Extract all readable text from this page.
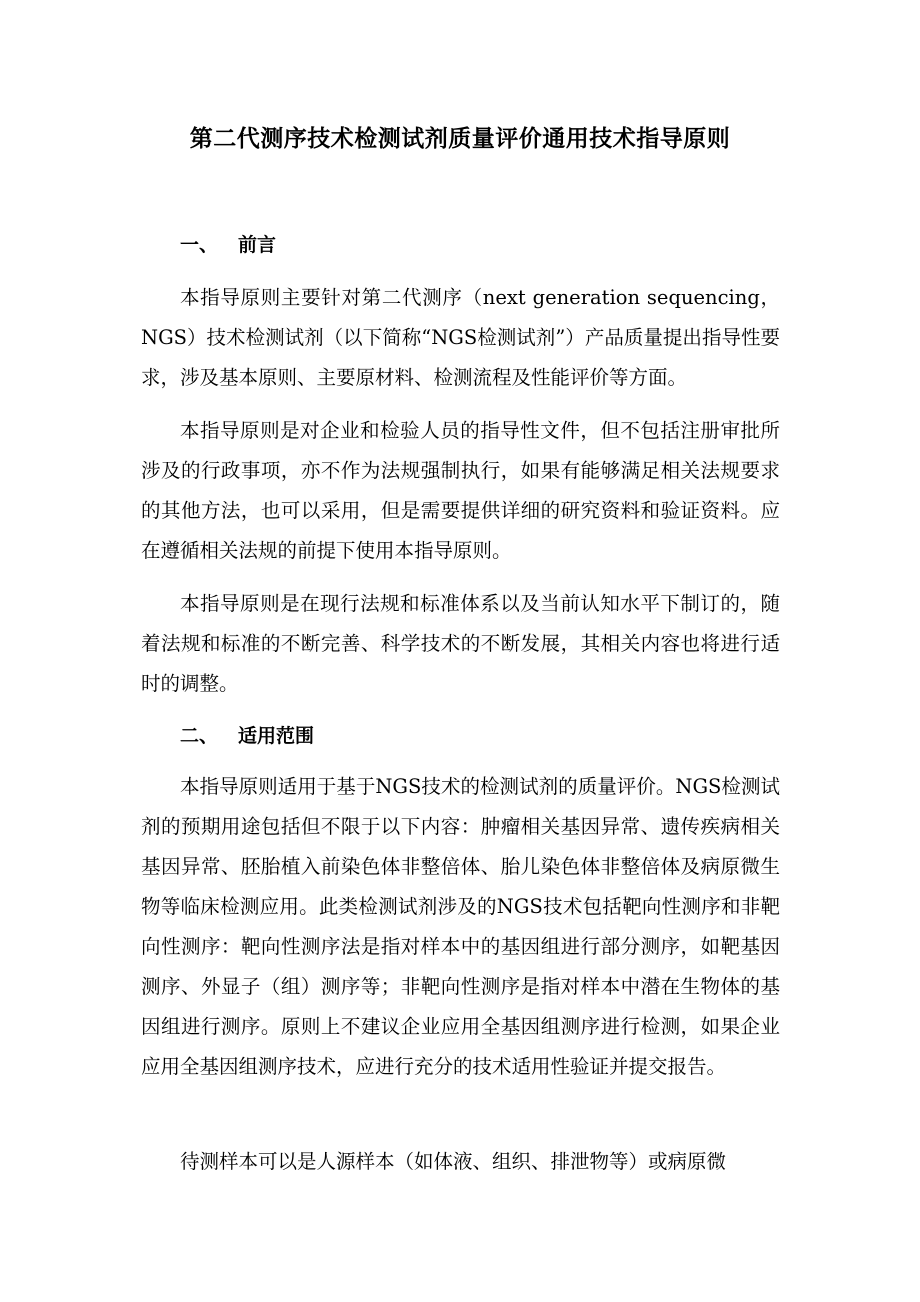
第二代测序技术检测试剂质量评价通用技术指导原则
一、 前言
本指导原则主要针对第二代测序（next generation sequencing，NGS）技术检测试剂（以下简称“NGS检测试剂”）产品质量提出指导性要求，涉及基本原则、主要原材料、检测流程及性能评价等方面。
本指导原则是对企业和检验人员的指导性文件，但不包括注册审批所涉及的行政事项，亦不作为法规强制执行，如果有能够满足相关法规要求的其他方法，也可以采用，但是需要提供详细的研究资料和验证资料。应在遵循相关法规的前提下使用本指导原则。
本指导原则是在现行法规和标准体系以及当前认知水平下制订的，随着法规和标准的不断完善、科学技术的不断发展，其相关内容也将进行适时的调整。
二、 适用范围
本指导原则适用于基于NGS技术的检测试剂的质量评价。NGS检测试剂的预期用途包括但不限于以下内容：肿瘤相关基因异常、遗传疾病相关基因异常、胚胎植入前染色体非整倍体、胎儿染色体非整倍体及病原微生物等临床检测应用。此类检测试剂涉及的NGS技术包括靶向性测序和非靶向性测序：靶向性测序法是指对样本中的基因组进行部分测序，如靶基因测序、外显子（组）测序等；非靶向性测序是指对样本中潜在生物体的基因组进行测序。原则上不建议企业应用全基因组测序进行检测，如果企业应用全基因组测序技术，应进行充分的技术适用性验证并提交报告。
待测样本可以是人源样本（如体液、组织、排泄物等）或病原微
